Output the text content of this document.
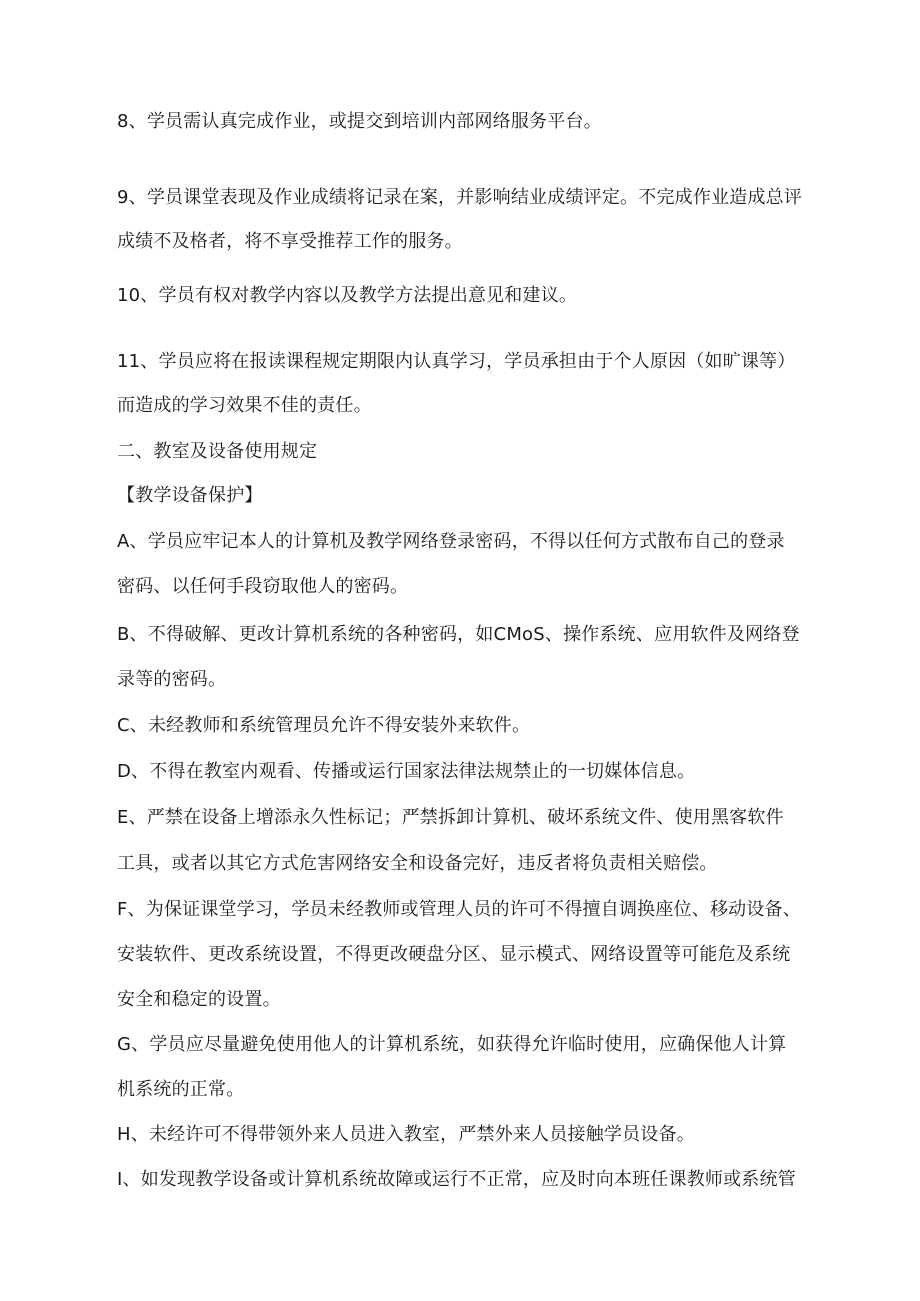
8、学员需认真完成作业，或提交到培训内部网络服务平台。
9、学员课堂表现及作业成绩将记录在案，并影响结业成绩评定。不完成作业造成总评
成绩不及格者，将不享受推荐工作的服务。
10、学员有权对教学内容以及教学方法提出意见和建议。
11、学员应将在报读课程规定期限内认真学习，学员承担由于个人原因（如旷课等）
而造成的学习效果不佳的责任。
二、教室及设备使用规定
【教学设备保护】
A、学员应牢记本人的计算机及教学网络登录密码，不得以任何方式散布自己的登录
密码、以任何手段窃取他人的密码。
B、不得破解、更改计算机系统的各种密码，如CMoS、操作系统、应用软件及网络登
录等的密码。
C、未经教师和系统管理员允许不得安装外来软件。
D、不得在教室内观看、传播或运行国家法律法规禁止的一切媒体信息。
E、严禁在设备上增添永久性标记；严禁拆卸计算机、破坏系统文件、使用黑客软件
工具，或者以其它方式危害网络安全和设备完好，违反者将负责相关赔偿。
F、为保证课堂学习，学员未经教师或管理人员的许可不得擅自调换座位、移动设备、
安装软件、更改系统设置，不得更改硬盘分区、显示模式、网络设置等可能危及系统
安全和稳定的设置。
G、学员应尽量避免使用他人的计算机系统，如获得允许临时使用，应确保他人计算
机系统的正常。
H、未经许可不得带领外来人员进入教室，严禁外来人员接触学员设备。
I、如发现教学设备或计算机系统故障或运行不正常，应及时向本班任课教师或系统管
